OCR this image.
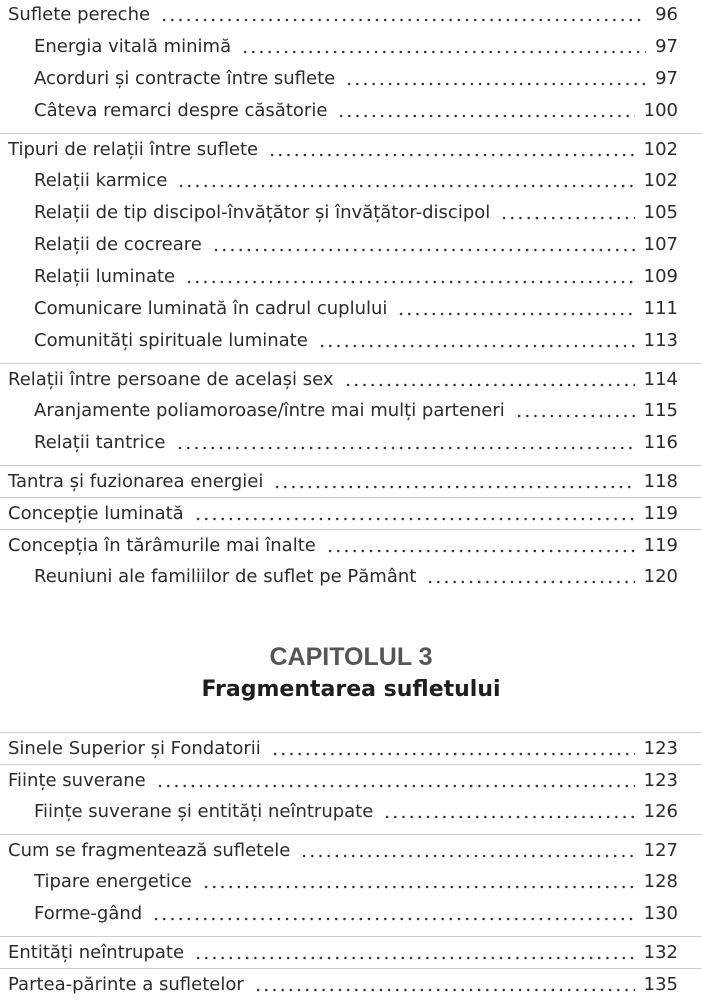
Suflete pereche	96
Energia vitală minimă	97
Acorduri și contracte între suflete	97
Câteva remarci despre căsătorie	100
Tipuri de relații între suflete	102
Relații karmice	102
Relații de tip discipol-învățător și învățător-discipol	105
Relații de cocreare	107
Relații luminate	109
Comunicare luminată în cadrul cuplului	111
Comunități spirituale luminate	113
Relații între persoane de același sex	114
Aranjamente poliamoroase/între mai mulți parteneri	115
Relații tantrice	116
Tantra și fuzionarea energiei	118
Concepție luminată	119
Concepția în tărâmurile mai înalte	119
Reuniuni ale familiilor de suflet pe Pământ	120
CAPITOLUL 3
Fragmentarea sufletului
Sinele Superior și Fondatorii	123
Ființe suverane	123
Ființe suverane și entități neîntrupate	126
Cum se fragmentează sufletele	127
Tipare energetice	128
Forme-gând	130
Entități neîntrupate	132
Partea-părinte a sufletelor	135
